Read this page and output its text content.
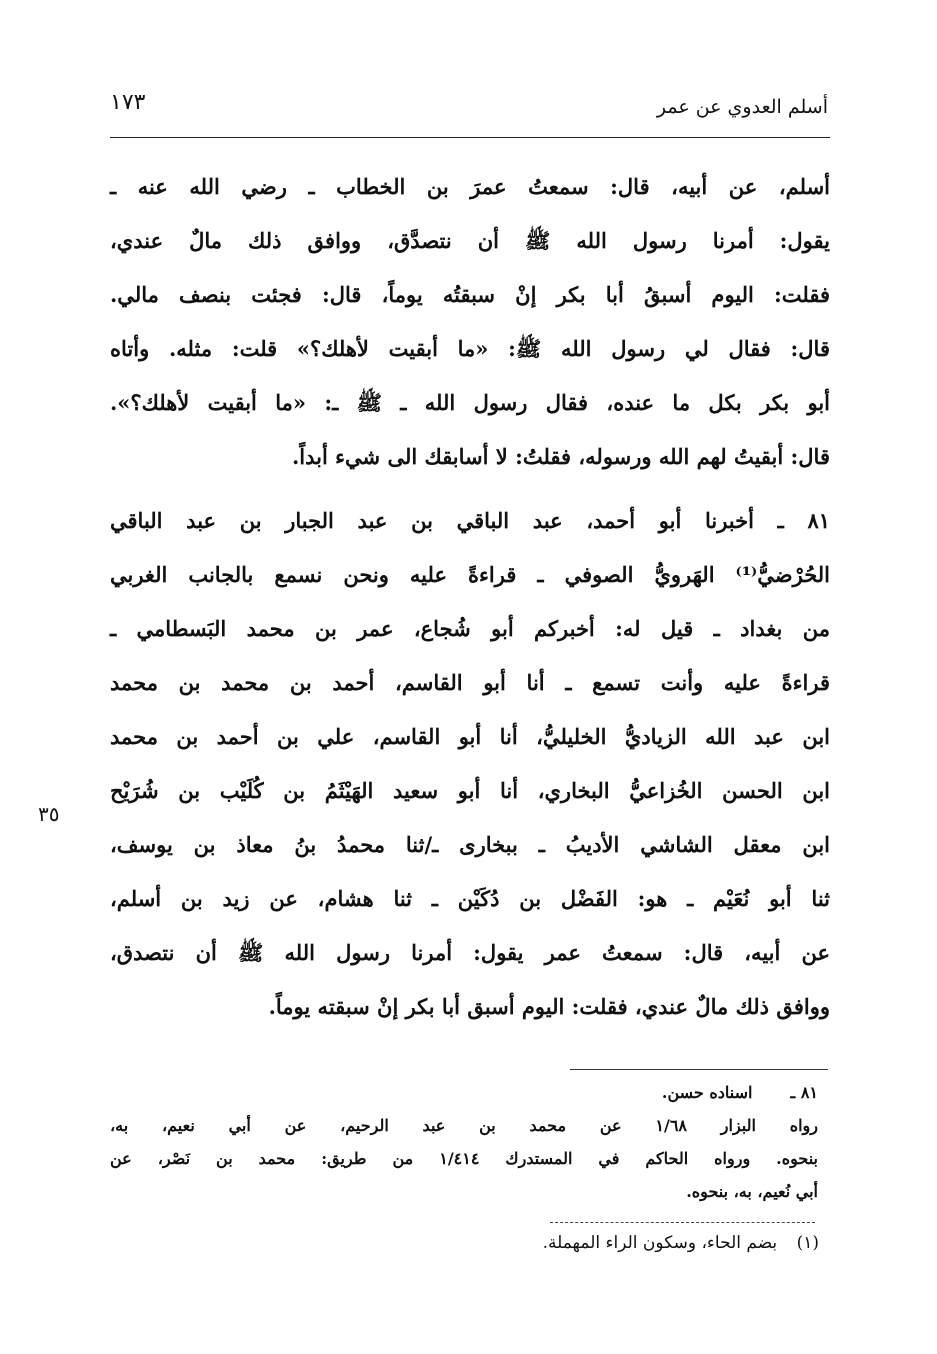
١٧٣	أسلم العدوي عن عمر
أسلم، عن أبيه، قال: سمعتُ عمرَ بن الخطاب ـ رضي الله عنه ـ
يقول: أمرنا رسول الله ﷺ أن نتصدَّق، ووافق ذلك مالٌ عندي،
فقلت: اليوم أسبقُ أبا بكر إنْ سبقتُه يوماً، قال: فجئت بنصف مالي.
قال: فقال لي رسول الله ﷺ: «ما أبقيت لأهلك؟» قلت: مثله. وأتاه
أبو بكر بكل ما عنده، فقال رسول الله ـ ﷺ ـ: «ما أبقيت لأهلك؟».
قال: أبقيتُ لهم الله ورسوله، فقلتُ: لا أسابقك الى شيء أبداً.
٨١ ـ أخبرنا أبو أحمد، عبد الباقي بن عبد الجبار بن عبد الباقي
الحُرْضيُّ⁽¹⁾ الهَرويُّ الصوفي ـ قراءةً عليه ونحن نسمع بالجانب الغربي
من بغداد ـ قيل له: أخبركم أبو شُجاع، عمر بن محمد البَسطامي ـ
قراءةً عليه وأنت تسمع ـ أنا أبو القاسم، أحمد بن محمد بن محمد
ابن عبد الله الزياديُّ الخليليُّ، أنا أبو القاسم، علي بن أحمد بن محمد
ابن الحسن الخُزاعيُّ البخاري، أنا أبو سعيد الهَيْثَمُ بن كُلَيْب بن شُرَيْح
ابن معقل الشاشي الأديبُ ـ ببخارى ـ/ثنا محمدُ بنُ معاذ بن يوسف،
ثنا أبو نُعَيْم ـ هو: الفَضْل بن دُكَيْن ـ ثنا هشام، عن زيد بن أسلم،
عن أبيه، قال: سمعتُ عمر يقول: أمرنا رسول الله ﷺ أن نتصدق،
ووافق ذلك مالٌ عندي، فقلت: اليوم أسبق أبا بكر إنْ سبقته يوماً.
٣٥
٨١ ـ اسناده حسن.
رواه البزار ١/٦٨ عن محمد بن عبد الرحيم، عن أبي نعيم، به،
بنحوه. ورواه الحاكم في المستدرك ١/٤١٤ من طريق: محمد بن نَصْر، عن
أبي نُعيم، به، بنحوه.
(١) بضم الحاء، وسكون الراء المهملة.
